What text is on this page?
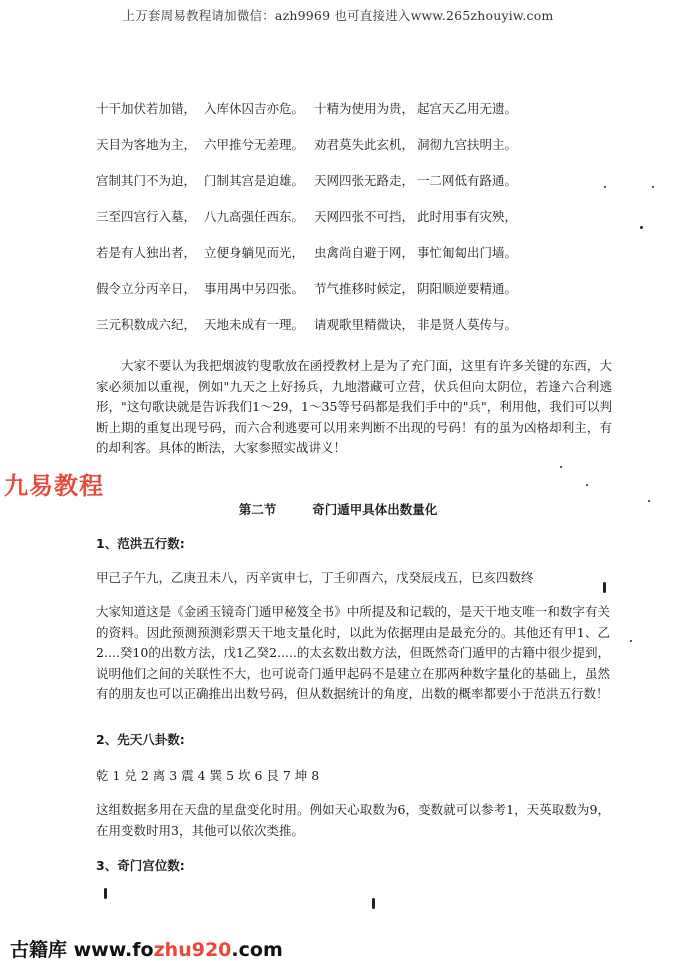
上万套周易教程请加微信：azh9969 也可直接进入www.265zhouyiw.com
十干加伏若加错， 入库休囚吉亦危。 十精为使用为贵， 起宫天乙用无遗。
天目为客地为主， 六甲推兮无差理。 劝君莫失此玄机， 洞彻九宫扶明主。
宫制其门不为迫， 门制其宫是迫雄。 天网四张无路走， 一二网低有路通。
三至四宫行入墓， 八九高强任西东。 天网四张不可挡， 此时用事有灾殃，
若是有人独出者， 立便身躺见而光， 虫禽尚自避于网， 事忙匍匐出门墙。
假令立分丙辛日， 事用禺中另四张。 节气推移时候定， 阴阳顺逆要精通。
三元积数成六纪， 天地未成有一理。 请观歌里精微诀， 非是贤人莫传与。
大家不要认为我把烟波钓叟歌放在函授教材上是为了充门面，这里有许多关键的东西，大家必须加以重视，例如"九天之上好扬兵，九地潜藏可立营，伏兵但向太阴位，若逢六合利逃形，"这句歌诀就是告诉我们1～29，1～35等号码都是我们手中的"兵"，利用他，我们可以判断上期的重复出现号码，而六合利逃要可以用来判断不出现的号码！有的虽为凶格却利主，有的却利客。具体的断法，大家参照实战讲义！
九易教程
第二节	奇门遁甲具体出数量化
1、范洪五行数:
甲己子午九，乙庚丑未八，丙辛寅申七，丁壬卯酉六，戊癸辰戌五，巳亥四数终
大家知道这是《金函玉镜奇门遁甲秘笈全书》中所提及和记载的，是天干地支唯一和数字有关的资料。因此预测预测彩票天干地支量化时，以此为依据理由是最充分的。其他还有甲1、乙2....癸10的出数方法，戊1乙癸2.....的太玄数出数方法，但既然奇门遁甲的古籍中很少提到，说明他们之间的关联性不大，也可说奇门遁甲起码不是建立在那两种数字量化的基础上，虽然有的朋友也可以正确推出出数号码，但从数据统计的角度，出数的概率都要小于范洪五行数！
2、先天八卦数:
乾 1 兑 2 离 3 震 4 巽 5 坎 6 艮 7 坤 8
这组数据多用在天盘的星盘变化时用。例如天心取数为6，变数就可以参考1，天英取数为9，在用变数时用3，其他可以依次类推。
3、奇门宫位数:
古籍库 www.fozhu920.com
